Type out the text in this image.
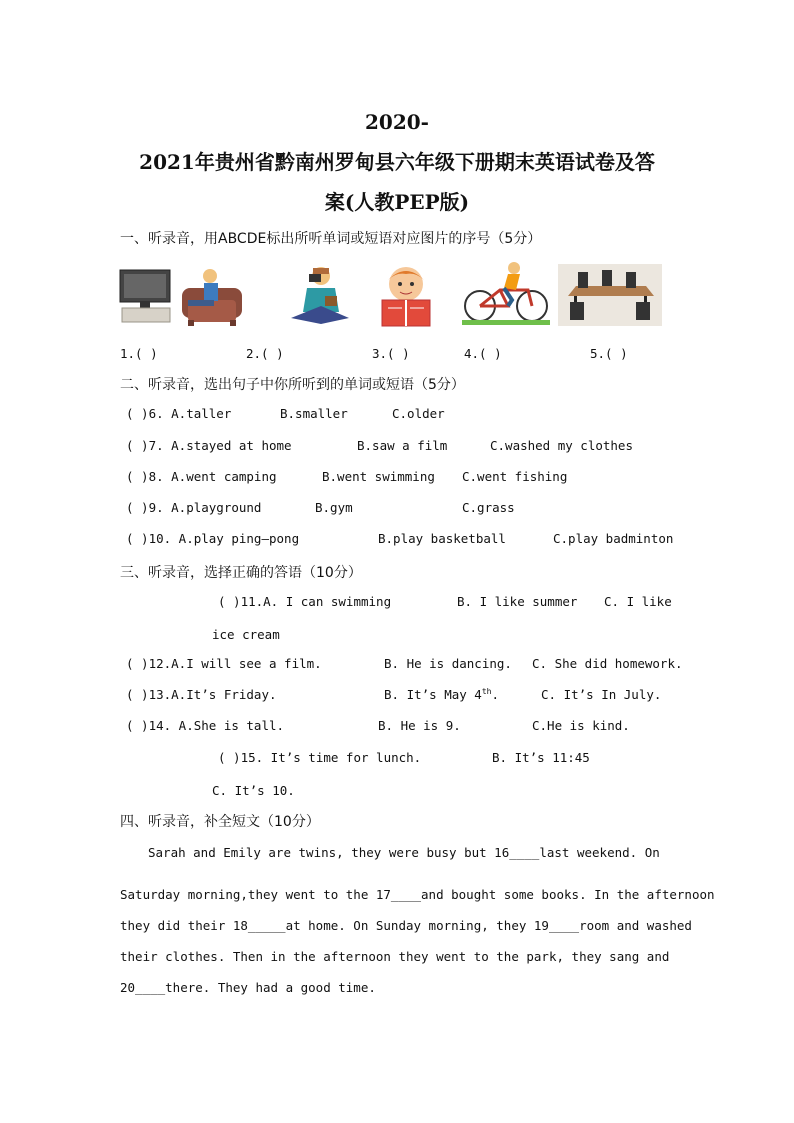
2020-
2021年贵州省黔南州罗甸县六年级下册期末英语试卷及答
案(人教PEP版)
一、听录音，用ABCDE标出所听单词或短语对应图片的序号（5分）
1.( )	2.( )	3.( )	4.( )	5.( )
二、听录音，选出句子中你所听到的单词或短语（5分）
( )6. A.taller	B.smaller	C.older
( )7. A.stayed at home	B.saw a film	C.washed my clothes
( )8. A.went camping	B.went swimming C.went fishing
( )9. A.playground	B.gym	C.grass
( )10. A.play ping—pong	B.play basketball	C.play badminton
三、听录音，选择正确的答语（10分）
( )11.A. I can swimming	B. I like summer C. I like
ice cream
( )12.A.I will see a film.	B. He is dancing. C. She did homework.
( )13.A.It’s Friday.	B. It’s May 4th.	C. It’s In July.
( )14. A.She is tall.	B. He is 9.	C.He is kind.
( )15. It’s time for lunch.	B. It’s 11:45
C. It’s 10.
四、听录音，补全短文（10分）
Sarah and Emily are twins, they were busy but 16____last weekend. On
Saturday morning,they went to the 17____and bought some books. In the afternoon
they did their 18_____at home. On Sunday morning, they 19____room and washed
their clothes. Then in the afternoon they went to the park, they sang and
20____there. They had a good time.
